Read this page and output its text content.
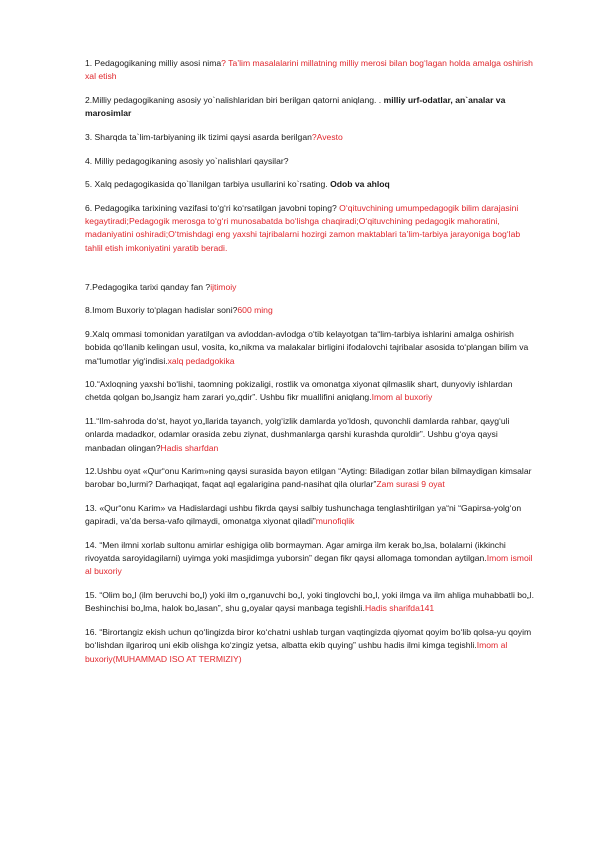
1. Pedagogikaning milliy asosi nima? Ta’lim masalalarini millatning milliy merosi bilan bog‘lagan holda amalga oshirish xal etish

2.Milliy pedagogikaning asosiy yo`nalishlaridan biri berilgan qatorni aniqlang. . milliy urf-odatlar, an`analar va marosimlar

3. Sharqda ta`lim-tarbiyaning ilk tizimi qaysi asarda berilgan?Avesto

4. Milliy pedagogikaning asosiy yo`nalishlari qaysilar?

5. Xalq pedagogikasida qo`llanilgan tarbiya usullarini ko`rsating. Odob va ahloq

6. Pedagogika tarixining vazifasi to‘g‘ri ko‘rsatilgan javobni toping? O‘qituvchining umumpedagogik bilim darajasini kegaytiradi;Pedagogik merosga to‘g‘ri munosabatda bo‘lishga chaqiradi;O‘qituvchining pedagogik mahoratini, madaniyatini oshiradi;O‘tmishdagi eng yaxshi tajribalarni hozirgi zamon maktablari ta’lim-tarbiya jarayoniga bog‘lab tahlil etish imkoniyatini yaratib beradi.

7.Pedagogika tarixi qanday fan ?ijtimoiy

8.Imom Buxoriy to‘plagan hadislar soni?600 ming

9.Xalq ommasi tomonidan yaratilgan va avloddan-avlodga o‘tib kelayotgan ta“lim-tarbiya ishlarini amalga oshirish bobida qo‘llanib kelingan usul, vosita, ko„nikma va malakalar birligini ifodalovchi tajribalar asosida to‘plangan bilim va ma“lumotlar yig‘indisi.xalq pedadgokika

10.“Axloqning yaxshi bo‘lishi, taomning pokizaligi, rostlik va omonatga xiyonat qilmaslik shart, dunyoviy ishlardan chetda qolgan bo„lsangiz ham zarari yo„qdir”. Ushbu fikr muallifini aniqlang.Imom al buxoriy

11.“Ilm-sahroda do‘st, hayot yo„llarida tayanch, yolg‘izlik damlarda yo‘ldosh, quvonchli damlarda rahbar, qayg‘uli onlarda madadkor, odamlar orasida zebu ziynat, dushmanlarga qarshi kurashda quroldir”. Ushbu g‘oya qaysi manbadan olingan?Hadis sharfdan

12.Ushbu oyat «Qur“onu Karim»ning qaysi surasida bayon etilgan “Ayting: Biladigan zotlar bilan bilmaydigan kimsalar barobar bo„lurmi? Darhaqiqat, faqat aql egalarigina pand-nasihat qila olurlar”Zam surasi 9 oyat

13. «Qur“onu Karim» va Hadislardagi ushbu fikrda qaysi salbiy tushunchaga tenglashtirilgan ya“ni “Gapirsa-yolg‘on gapiradi, va’da bersa-vafo qilmaydi, omonatga xiyonat qiladi”munofiqlik

14. “Men ilmni xorlab sultonu amirlar eshigiga olib bormayman. Agar amirga ilm kerak bo„lsa, bolalarni (ikkinchi rivoyatda saroyidagilarni) uyimga yoki masjidimga yuborsin” degan fikr qaysi allomaga tomondan aytilgan.Imom ismoil al buxoriy

15. “Olim bo„l (ilm beruvchi bo„l) yoki ilm o„rganuvchi bo„l, yoki tinglovchi bo„l, yoki ilmga va ilm ahliga muhabbatli bo„l. Beshinchisi bo„lma, halok bo„lasan”, shu g„oyalar qaysi manbaga tegishli.Hadis sharifda141

16. “Birortangiz ekish uchun qo‘lingizda biror ko‘chatni ushlab turgan vaqtingizda qiyomat qoyim bo‘lib qolsa-yu qoyim bo‘lishdan ilgariroq uni ekib olishga ko‘zingiz yetsa, albatta ekib quying” ushbu hadis ilmi kimga tegishli.Imom al buxoriy(MUHAMMAD ISO AT TERMIZIY)
